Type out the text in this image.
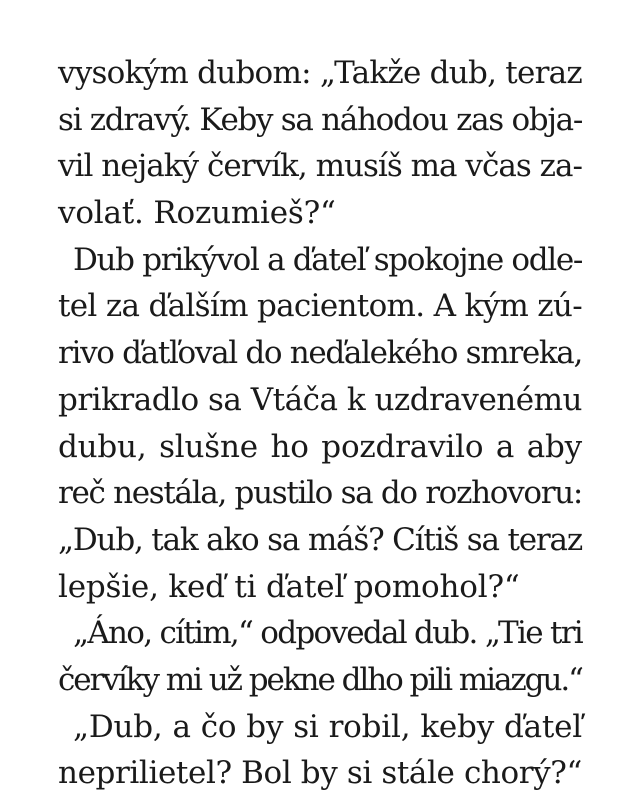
vysokým dubom: „Takže dub, teraz
si zdravý. Keby sa náhodou zas obja-
vil nejaký červík, musíš ma včas za-
volať. Rozumieš?“
Dub prikývol a ďateľ spokojne odle-
tel za ďalším pacientom. A kým zú-
rivo ďatľoval do neďalekého smreka,
prikradlo sa Vtáča k uzdravenému
dubu, slušne ho pozdravilo a aby
reč nestála, pustilo sa do rozhovoru:
„Dub, tak ako sa máš? Cítiš sa teraz
lepšie, keď ti ďateľ pomohol?“
„Áno, cítim,“ odpovedal dub. „Tie tri
červíky mi už pekne dlho pili miazgu.“
„Dub, a čo by si robil, keby ďateľ
neprilietel? Bol by si stále chorý?“
